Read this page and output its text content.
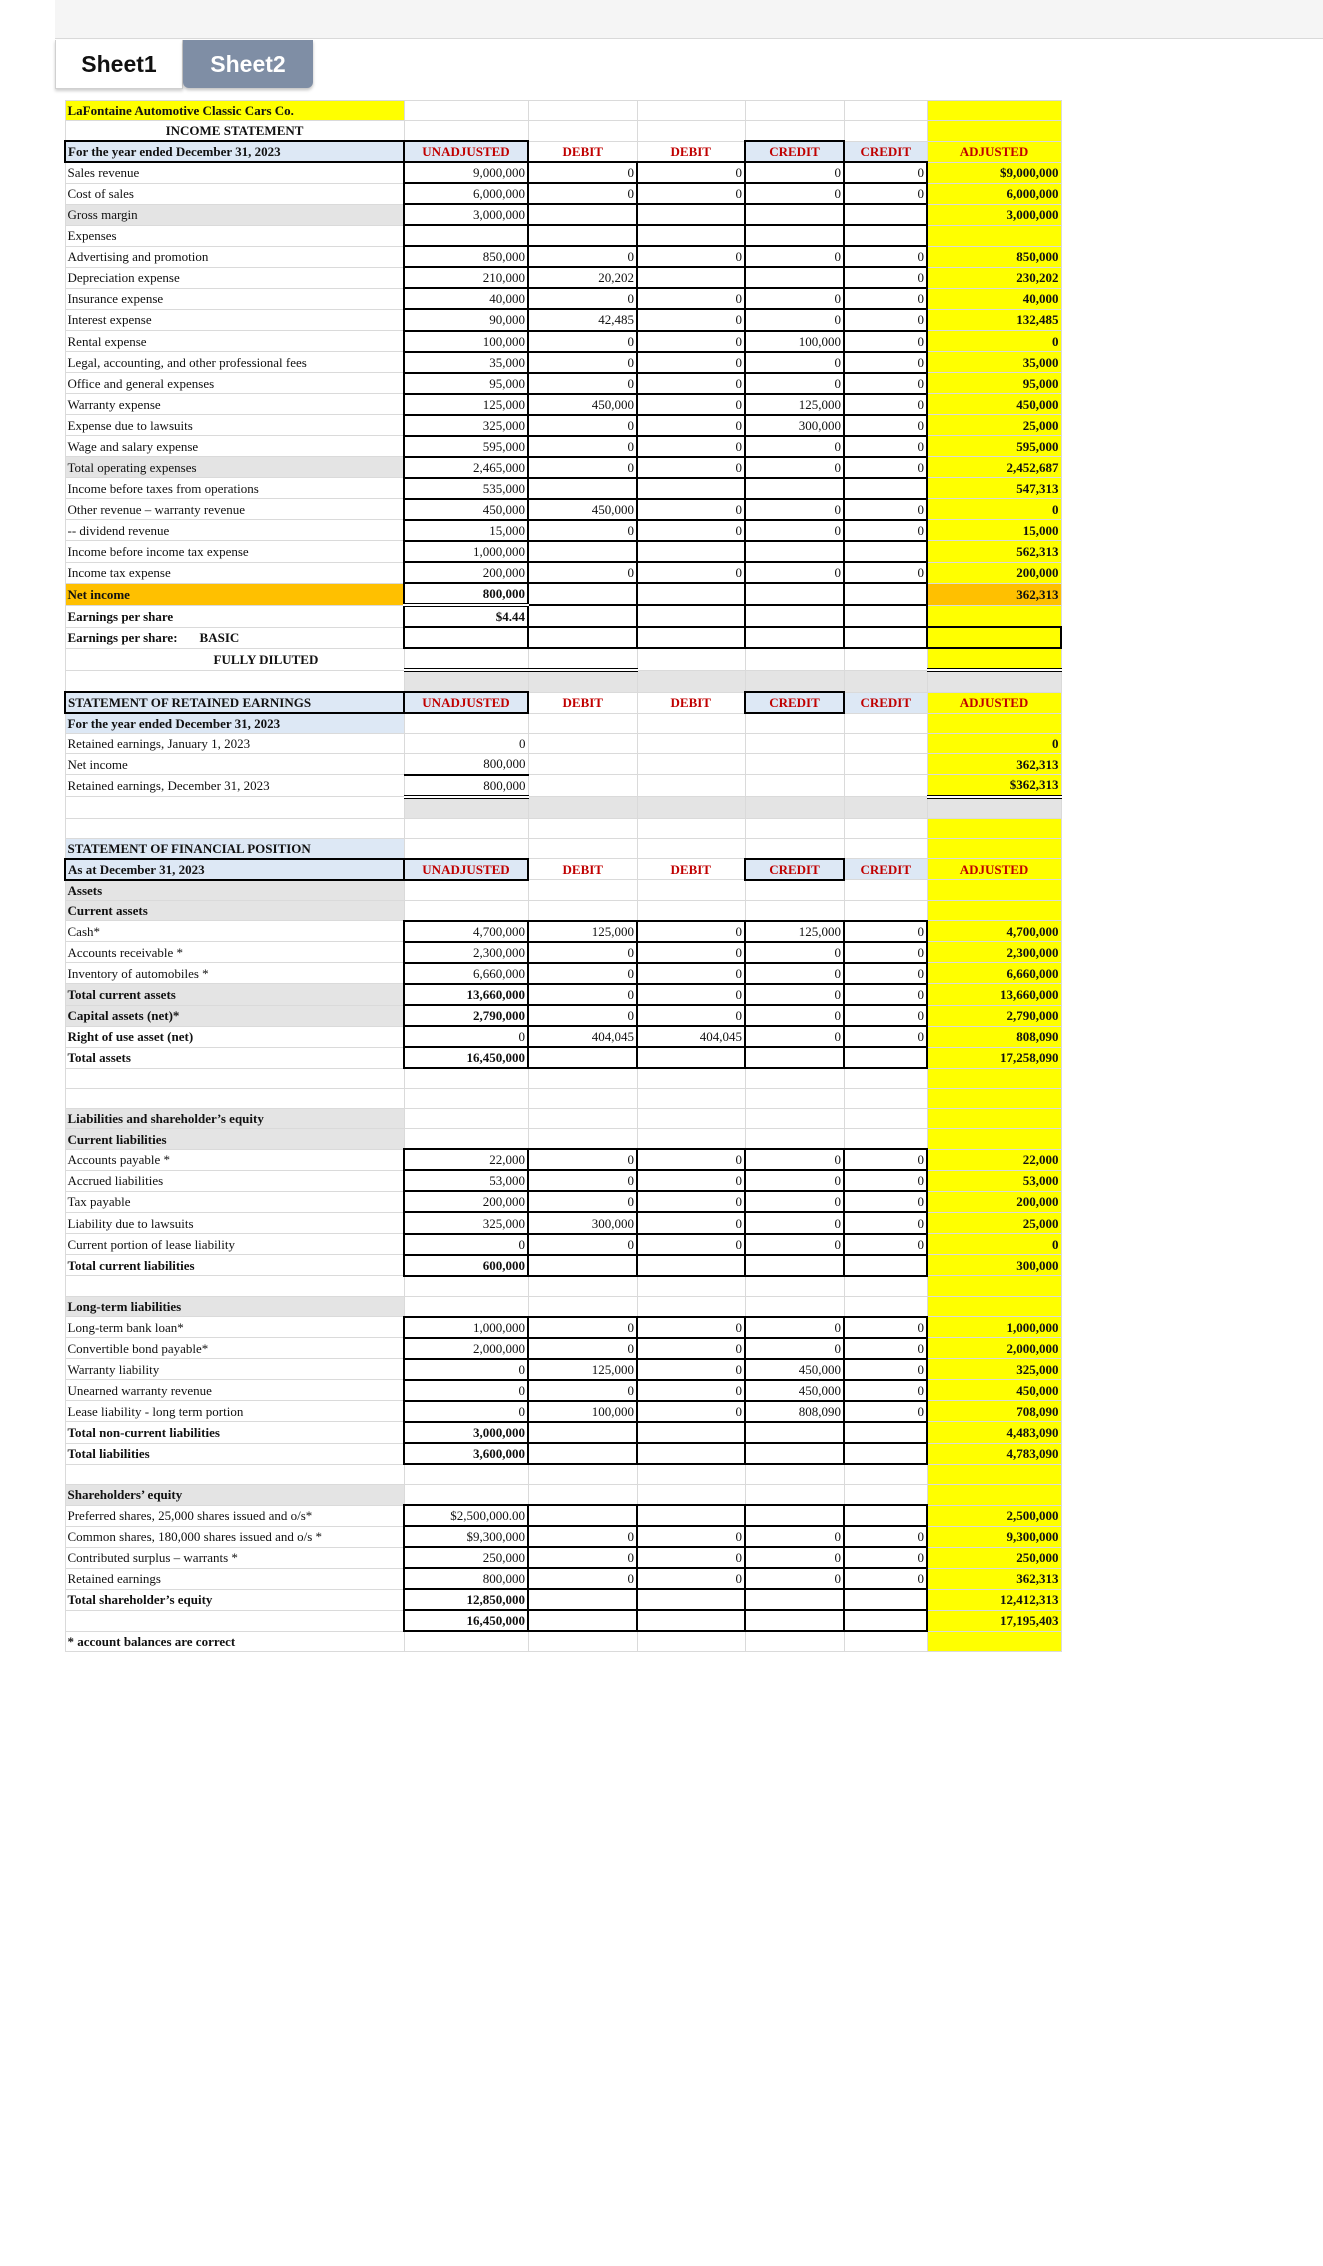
Sheet1	Sheet2
LaFontaine Automotive Classic Cars Co.						
INCOME STATEMENT						
For the year ended December 31, 2023	UNADJUSTED	DEBIT	DEBIT	CREDIT	CREDIT	ADJUSTED
Sales revenue	9,000,000	0	0	0	0	$9,000,000
Cost of sales	6,000,000	0	0	0	0	6,000,000
Gross margin	3,000,000					3,000,000
Expenses						
Advertising and promotion	850,000	0	0	0	0	850,000
Depreciation expense	210,000	20,202			0	230,202
Insurance expense	40,000	0	0	0	0	40,000
Interest expense	90,000	42,485	0	0	0	132,485
Rental expense	100,000	0	0	100,000	0	0
Legal, accounting, and other professional fees	35,000	0	0	0	0	35,000
Office and general expenses	95,000	0	0	0	0	95,000
Warranty expense	125,000	450,000	0	125,000	0	450,000
Expense due to lawsuits	325,000	0	0	300,000	0	25,000
Wage and salary expense	595,000	0	0	0	0	595,000
Total operating expenses	2,465,000	0	0	0	0	2,452,687
Income before taxes from operations	535,000					547,313
Other revenue – warranty revenue	450,000	450,000	0	0	0	0
-- dividend revenue	15,000	0	0	0	0	15,000
Income before income tax expense	1,000,000					562,313
Income tax expense	200,000	0	0	0	0	200,000
Net income	800,000					362,313
Earnings per share	$4.44					
Earnings per share: BASIC						
FULLY DILUTED						

STATEMENT OF RETAINED EARNINGS	UNADJUSTED	DEBIT	DEBIT	CREDIT	CREDIT	ADJUSTED
For the year ended December 31, 2023						
Retained earnings, January 1, 2023	0					0
Net income	800,000					362,313
Retained earnings, December 31, 2023	800,000					$362,313

STATEMENT OF FINANCIAL POSITION						
As at December 31, 2023	UNADJUSTED	DEBIT	DEBIT	CREDIT	CREDIT	ADJUSTED
Assets						
Current assets						
Cash*	4,700,000	125,000	0	125,000	0	4,700,000
Accounts receivable *	2,300,000	0	0	0	0	2,300,000
Inventory of automobiles *	6,660,000	0	0	0	0	6,660,000
Total current assets	13,660,000	0	0	0	0	13,660,000
Capital assets (net)*	2,790,000	0	0	0	0	2,790,000
Right of use asset (net)	0	404,045	404,045	0	0	808,090
Total assets	16,450,000					17,258,090

Liabilities and shareholder’s equity						
Current liabilities						
Accounts payable *	22,000	0	0	0	0	22,000
Accrued liabilities	53,000	0	0	0	0	53,000
Tax payable	200,000	0	0	0	0	200,000
Liability due to lawsuits	325,000	300,000	0	0	0	25,000
Current portion of lease liability	0	0	0	0	0	0
Total current liabilities	600,000					300,000

Long-term liabilities						
Long-term bank loan*	1,000,000	0	0	0	0	1,000,000
Convertible bond payable*	2,000,000	0	0	0	0	2,000,000
Warranty liability	0	125,000	0	450,000	0	325,000
Unearned warranty revenue	0	0	0	450,000	0	450,000
Lease liability - long term portion	0	100,000	0	808,090	0	708,090
Total non-current liabilities	3,000,000					4,483,090
Total liabilities	3,600,000					4,783,090

Shareholders’ equity						
Preferred shares, 25,000 shares issued and o/s*	$2,500,000.00					2,500,000
Common shares, 180,000 shares issued and o/s *	$9,300,000	0	0	0	0	9,300,000
Contributed surplus – warrants *	250,000	0	0	0	0	250,000
Retained earnings	800,000	0	0	0	0	362,313
Total shareholder’s equity	12,850,000					12,412,313
	16,450,000					17,195,403
* account balances are correct						
